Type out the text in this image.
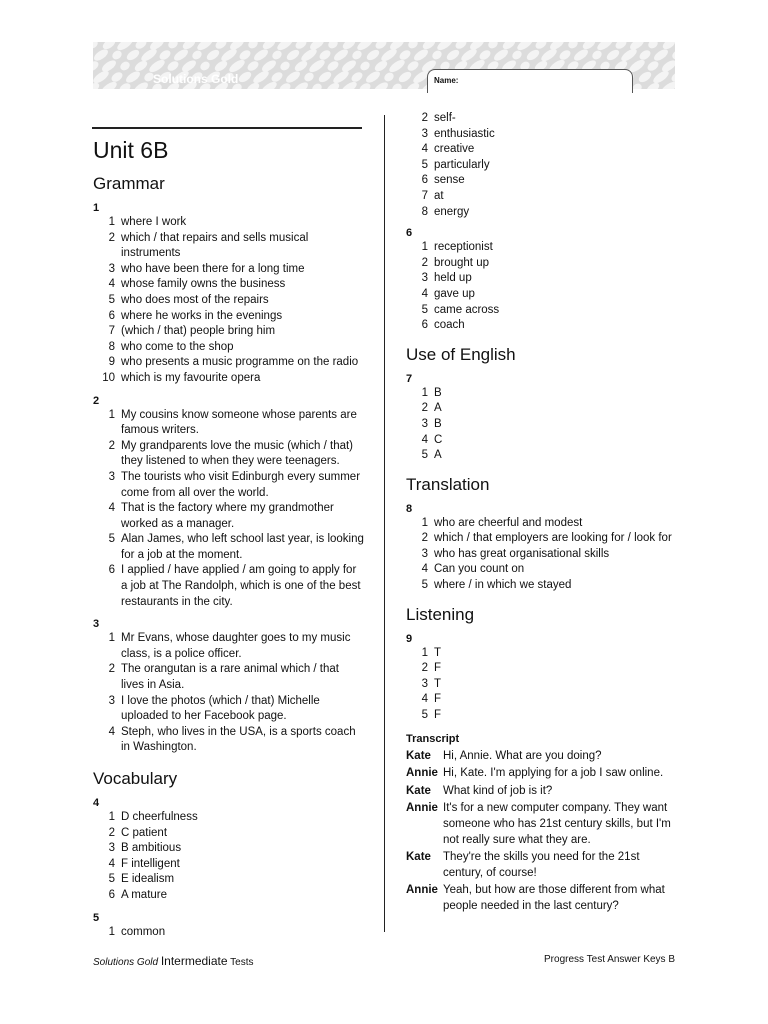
Solutions Gold	Name:
Unit 6B
Grammar

1

1 where I work
2 which / that repairs and sells musical instruments
3 who have been there for a long time
4 whose family owns the business
5 who does most of the repairs
6 where he works in the evenings
7 (which / that) people bring him
8 who come to the shop
9 who presents a music programme on the radio
10 which is my favourite opera

2

1 My cousins know someone whose parents are famous writers.
2 My grandparents love the music (which / that) they listened to when they were teenagers.
3 The tourists who visit Edinburgh every summer come from all over the world.
4 That is the factory where my grandmother worked as a manager.
5 Alan James, who left school last year, is looking for a job at the moment.
6 I applied / have applied / am going to apply for a job at The Randolph, which is one of the best restaurants in the city.

3

1 Mr Evans, whose daughter goes to my music class, is a police officer.
2 The orangutan is a rare animal which / that lives in Asia.
3 I love the photos (which / that) Michelle uploaded to her Facebook page.
4 Steph, who lives in the USA, is a sports coach in Washington.
Vocabulary

4

1 D cheerfulness
2 C patient
3 B ambitious
4 F intelligent
5 E idealism
6 A mature

5

1 common
2 self-
3 enthusiastic
4 creative
5 particularly
6 sense
7 at
8 energy

6

1 receptionist
2 brought up
3 held up
4 gave up
5 came across
6 coach
Use of English

7

1 B
2 A
3 B
4 C
5 A
Translation

8

1 who are cheerful and modest
2 which / that employers are looking for / look for
3 who has great organisational skills
4 Can you count on
5 where / in which we stayed
Listening

9

1 T
2 F
3 T
4 F
5 F

Transcript

Kate	Hi, Annie. What are you doing?
Annie Hi, Kate. I'm applying for a job I saw online.
Kate	What kind of job is it?
Annie It's for a new computer company. They want someone who has 21st century skills, but I'm not really sure what they are.
Kate	They're the skills you need for the 21st century, of course!
Annie Yeah, but how are those different from what people needed in the last century?
Solutions Gold Intermediate Tests	Progress Test Answer Keys B
